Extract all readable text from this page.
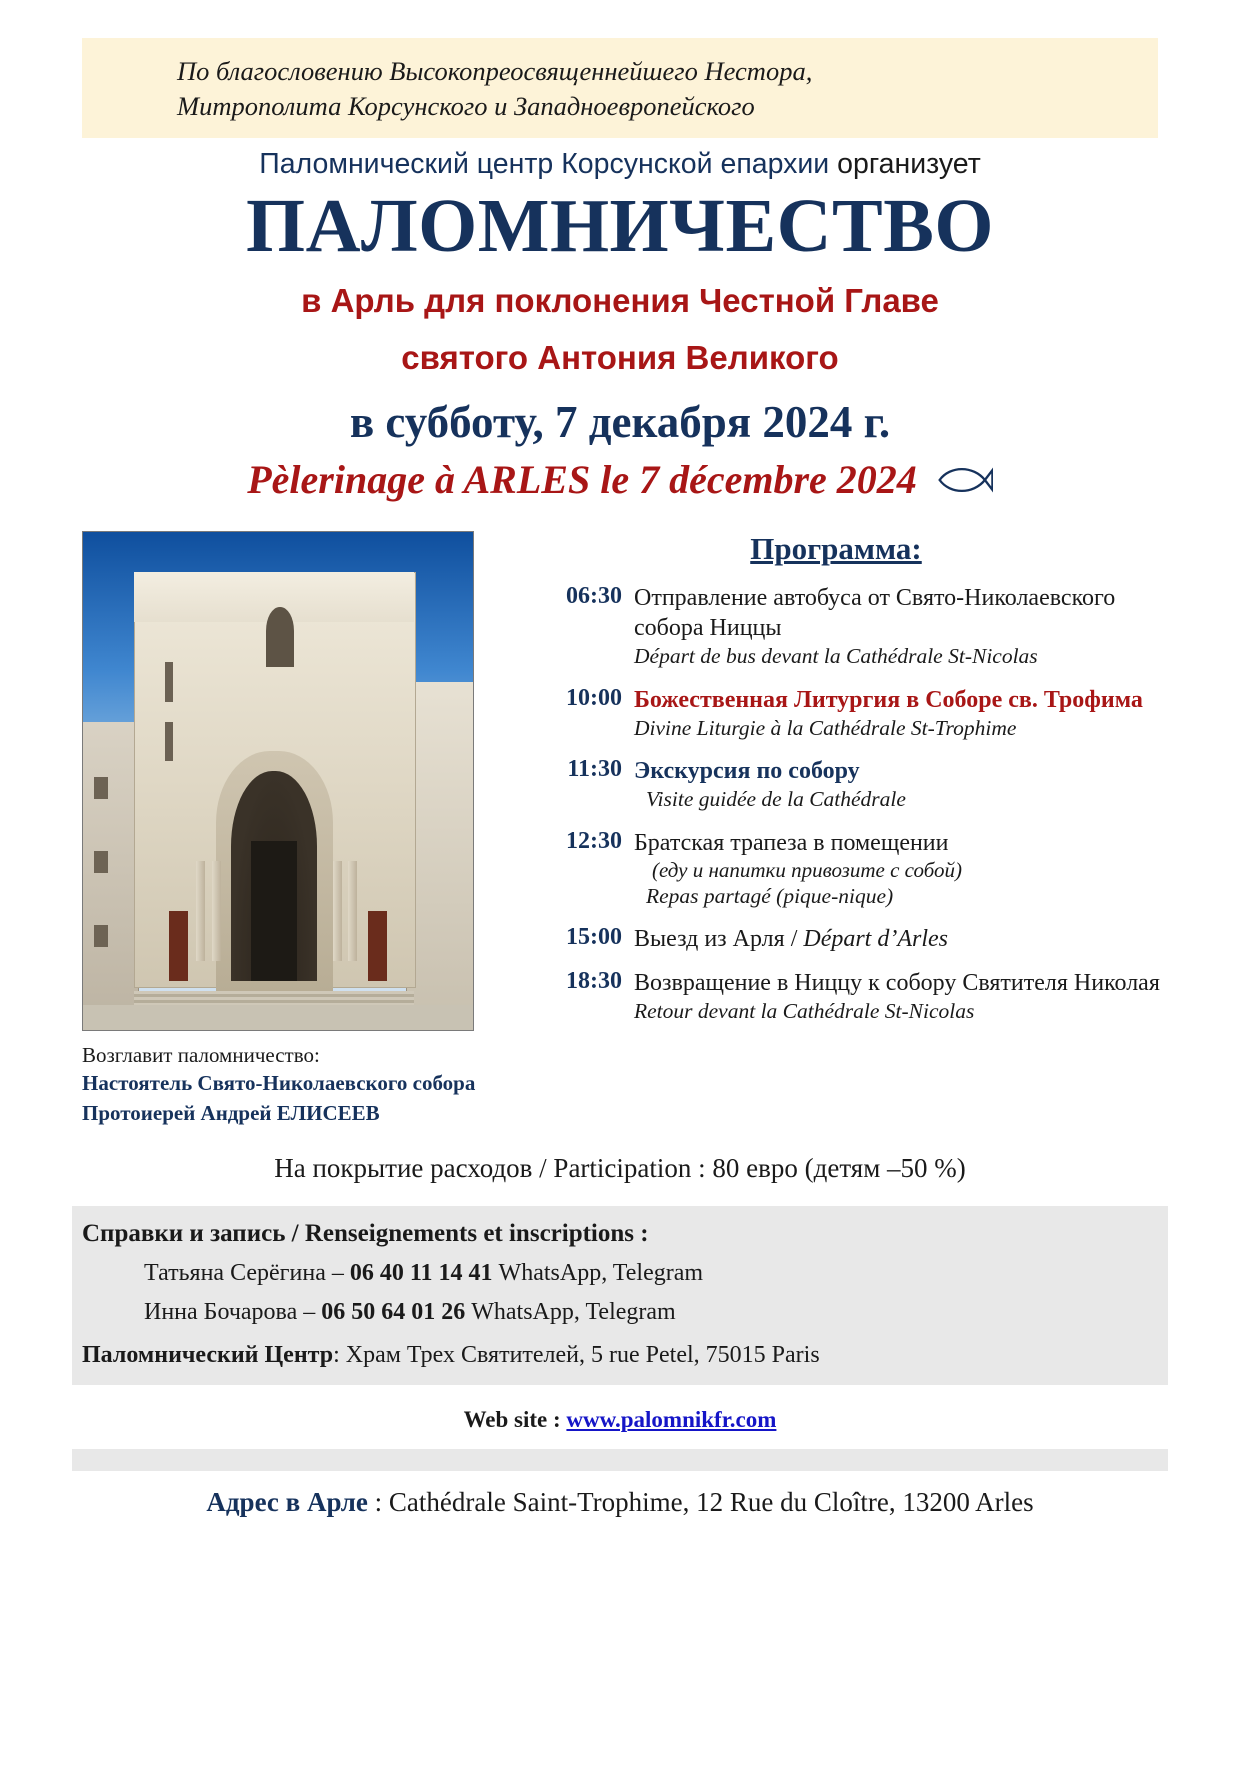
По благословению Высокопреосвященнейшего Нестора,
Митрополита Корсунского и Западноевропейского
Паломнический центр Корсунской епархии организует
ПАЛОМНИЧЕСТВО
в Арль для поклонения Честной Главе
святого Антония Великого
в субботу, 7 декабря 2024 г.
Pèlerinage à ARLES le 7 décembre 2024
Возглавит паломничество:
Настоятель Свято-Николаевского собора
Протоиерей Андрей ЕЛИСЕЕВ
Программа:
06:30 Отправление автобуса от Свято-Николаевского собора Ниццы
Départ de bus devant la Cathédrale St-Nicolas
10:00 Божественная Литургия в Соборе св. Трофима
Divine Liturgie à la Cathédrale St-Trophime
11:30 Экскурсия по собору
Visite guidée de la Cathédrale
12:30 Братская трапеза в помещении
(еду и напитки привозите с собой)
Repas partagé (pique-nique)
15:00 Выезд из Арля / Départ d’Arles
18:30 Возвращение в Ниццу к собору Святителя Николая
Retour devant la Cathédrale St-Nicolas
На покрытие расходов / Participation : 80 евро (детям –50 %)
Справки и запись / Renseignements et inscriptions :
Татьяна Серёгина – 06 40 11 14 41 WhatsApp, Telegram
Инна Бочарова – 06 50 64 01 26 WhatsApp, Telegram
Паломнический Центр: Храм Трех Святителей, 5 rue Petel, 75015 Paris
Web site : www.palomnikfr.com
Адрес в Арле : Cathédrale Saint-Trophime, 12 Rue du Cloître, 13200 Arles
